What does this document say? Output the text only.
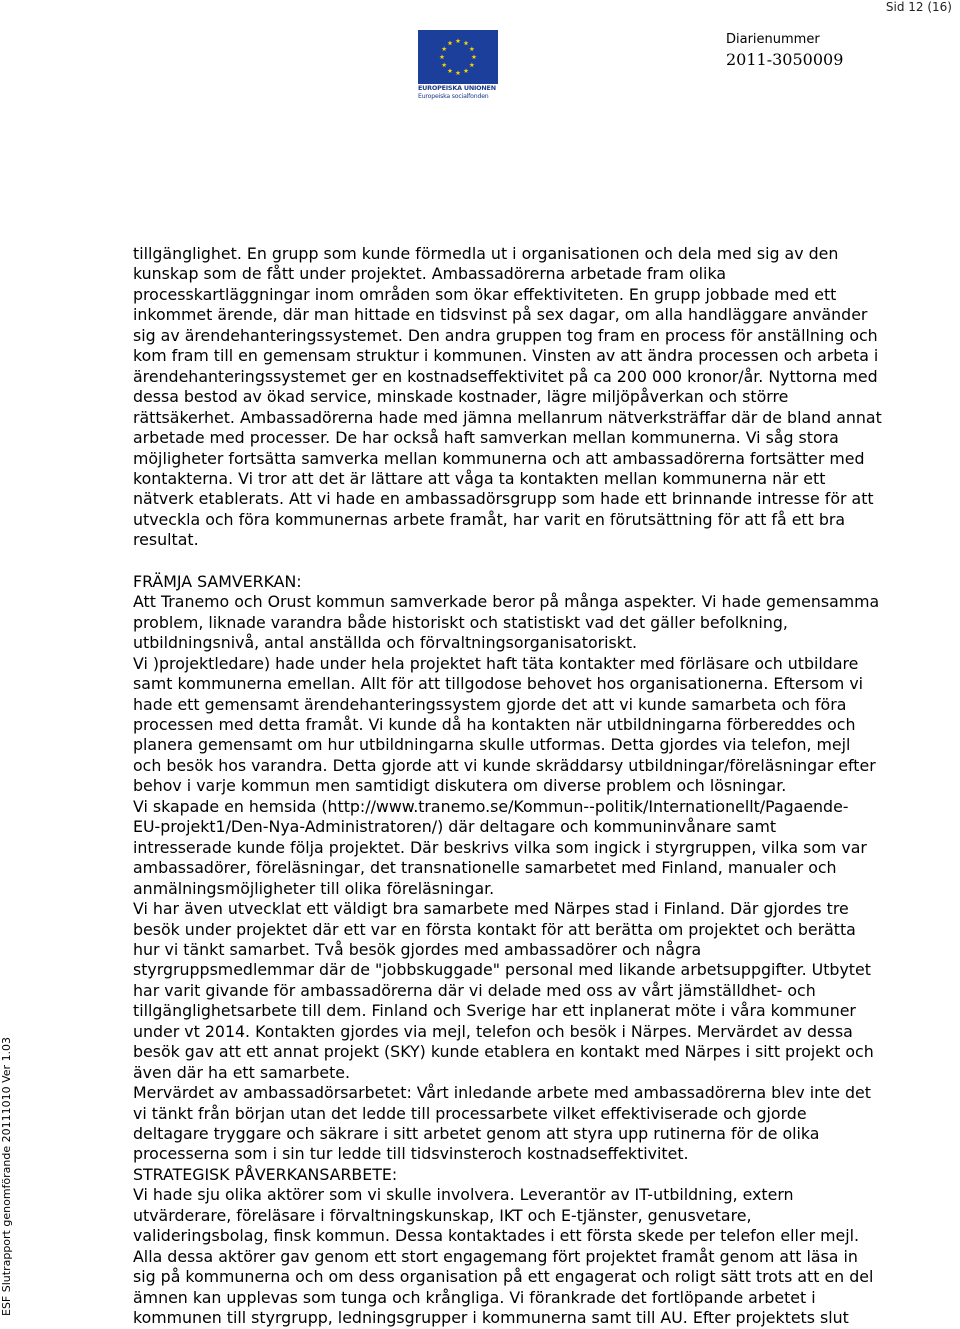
Sid 12 (16)
EUROPEISKA UNIONEN
Europeiska socialfonden
Diarienummer
2011-3050009
ESF Slutrapport genomförande 20111010 Ver 1.03
tillgänglighet. En grupp som kunde förmedla ut i organisationen och dela med sig av den
kunskap som de fått under projektet. Ambassadörerna arbetade fram olika
processkartläggningar inom områden som ökar effektiviteten. En grupp jobbade med ett
inkommet ärende, där man hittade en tidsvinst på sex dagar, om alla handläggare använder
sig av ärendehanteringssystemet. Den andra gruppen tog fram en process för anställning och
kom fram till en gemensam struktur i kommunen. Vinsten av att ändra processen och arbeta i
ärendehanteringssystemet ger en kostnadseffektivitet på ca 200 000 kronor/år. Nyttorna med
dessa bestod av ökad service, minskade kostnader, lägre miljöpåverkan och större
rättsäkerhet. Ambassadörerna hade med jämna mellanrum nätverksträffar där de bland annat
arbetade med processer. De har också haft samverkan mellan kommunerna. Vi såg stora
möjligheter fortsätta samverka mellan kommunerna och att ambassadörerna fortsätter med
kontakterna. Vi tror att det är lättare att våga ta kontakten mellan kommunerna när ett
nätverk etablerats. Att vi hade en ambassadörsgrupp som hade ett brinnande intresse för att
utveckla och föra kommunernas arbete framåt, har varit en förutsättning för att få ett bra
resultat.
FRÄMJA SAMVERKAN:
Att Tranemo och Orust kommun samverkade beror på många aspekter. Vi hade gemensamma
problem, liknade varandra både historiskt och statistiskt vad det gäller befolkning,
utbildningsnivå, antal anställda och förvaltningsorganisatoriskt.
Vi )projektledare) hade under hela projektet haft täta kontakter med förläsare och utbildare
samt kommunerna emellan. Allt för att tillgodose behovet hos organisationerna. Eftersom vi
hade ett gemensamt ärendehanteringssystem gjorde det att vi kunde samarbeta och föra
processen med detta framåt. Vi kunde då ha kontakten när utbildningarna förbereddes och
planera gemensamt om hur utbildningarna skulle utformas. Detta gjordes via telefon, mejl
och besök hos varandra. Detta gjorde att vi kunde skräddarsy utbildningar/föreläsningar efter
behov i varje kommun men samtidigt diskutera om diverse problem och lösningar.
Vi skapade en hemsida (http://www.tranemo.se/Kommun--politik/Internationellt/Pagaende-
EU-projekt1/Den-Nya-Administratoren/) där deltagare och kommuninvånare samt
intresserade kunde följa projektet. Där beskrivs vilka som ingick i styrgruppen, vilka som var
ambassadörer, föreläsningar, det transnationelle samarbetet med Finland, manualer och
anmälningsmöjligheter till olika föreläsningar.
Vi har även utvecklat ett väldigt bra samarbete med Närpes stad i Finland. Där gjordes tre
besök under projektet där ett var en första kontakt för att berätta om projektet och berätta
hur vi tänkt samarbet. Två besök gjordes med ambassadörer och några
styrgruppsmedlemmar där de "jobbskuggade" personal med likande arbetsuppgifter. Utbytet
har varit givande för ambassadörerna där vi delade med oss av vårt jämställdhet- och
tillgänglighetsarbete till dem. Finland och Sverige har ett inplanerat möte i våra kommuner
under vt 2014. Kontakten gjordes via mejl, telefon och besök i Närpes. Mervärdet av dessa
besök gav att ett annat projekt (SKY) kunde etablera en kontakt med Närpes i sitt projekt och
även där ha ett samarbete.
Mervärdet av ambassadörsarbetet: Vårt inledande arbete med ambassadörerna blev inte det
vi tänkt från början utan det ledde till processarbete vilket effektiviserade och gjorde
deltagare tryggare och säkrare i sitt arbetet genom att styra upp rutinerna för de olika
processerna som i sin tur ledde till tidsvinsteroch kostnadseffektivitet.
STRATEGISK PÅVERKANSARBETE:
Vi hade sju olika aktörer som vi skulle involvera. Leverantör av IT-utbildning, extern
utvärderare, föreläsare i förvaltningskunskap, IKT och E-tjänster, genusvetare,
valideringsbolag, finsk kommun. Dessa kontaktades i ett första skede per telefon eller mejl.
Alla dessa aktörer gav genom ett stort engagemang fört projektet framåt genom att läsa in
sig på kommunerna och om dess organisation på ett engagerat och roligt sätt trots att en del
ämnen kan upplevas som tunga och krångliga. Vi förankrade det fortlöpande arbetet i
kommunen till styrgrupp, ledningsgrupper i kommunerna samt till AU. Efter projektets slut
